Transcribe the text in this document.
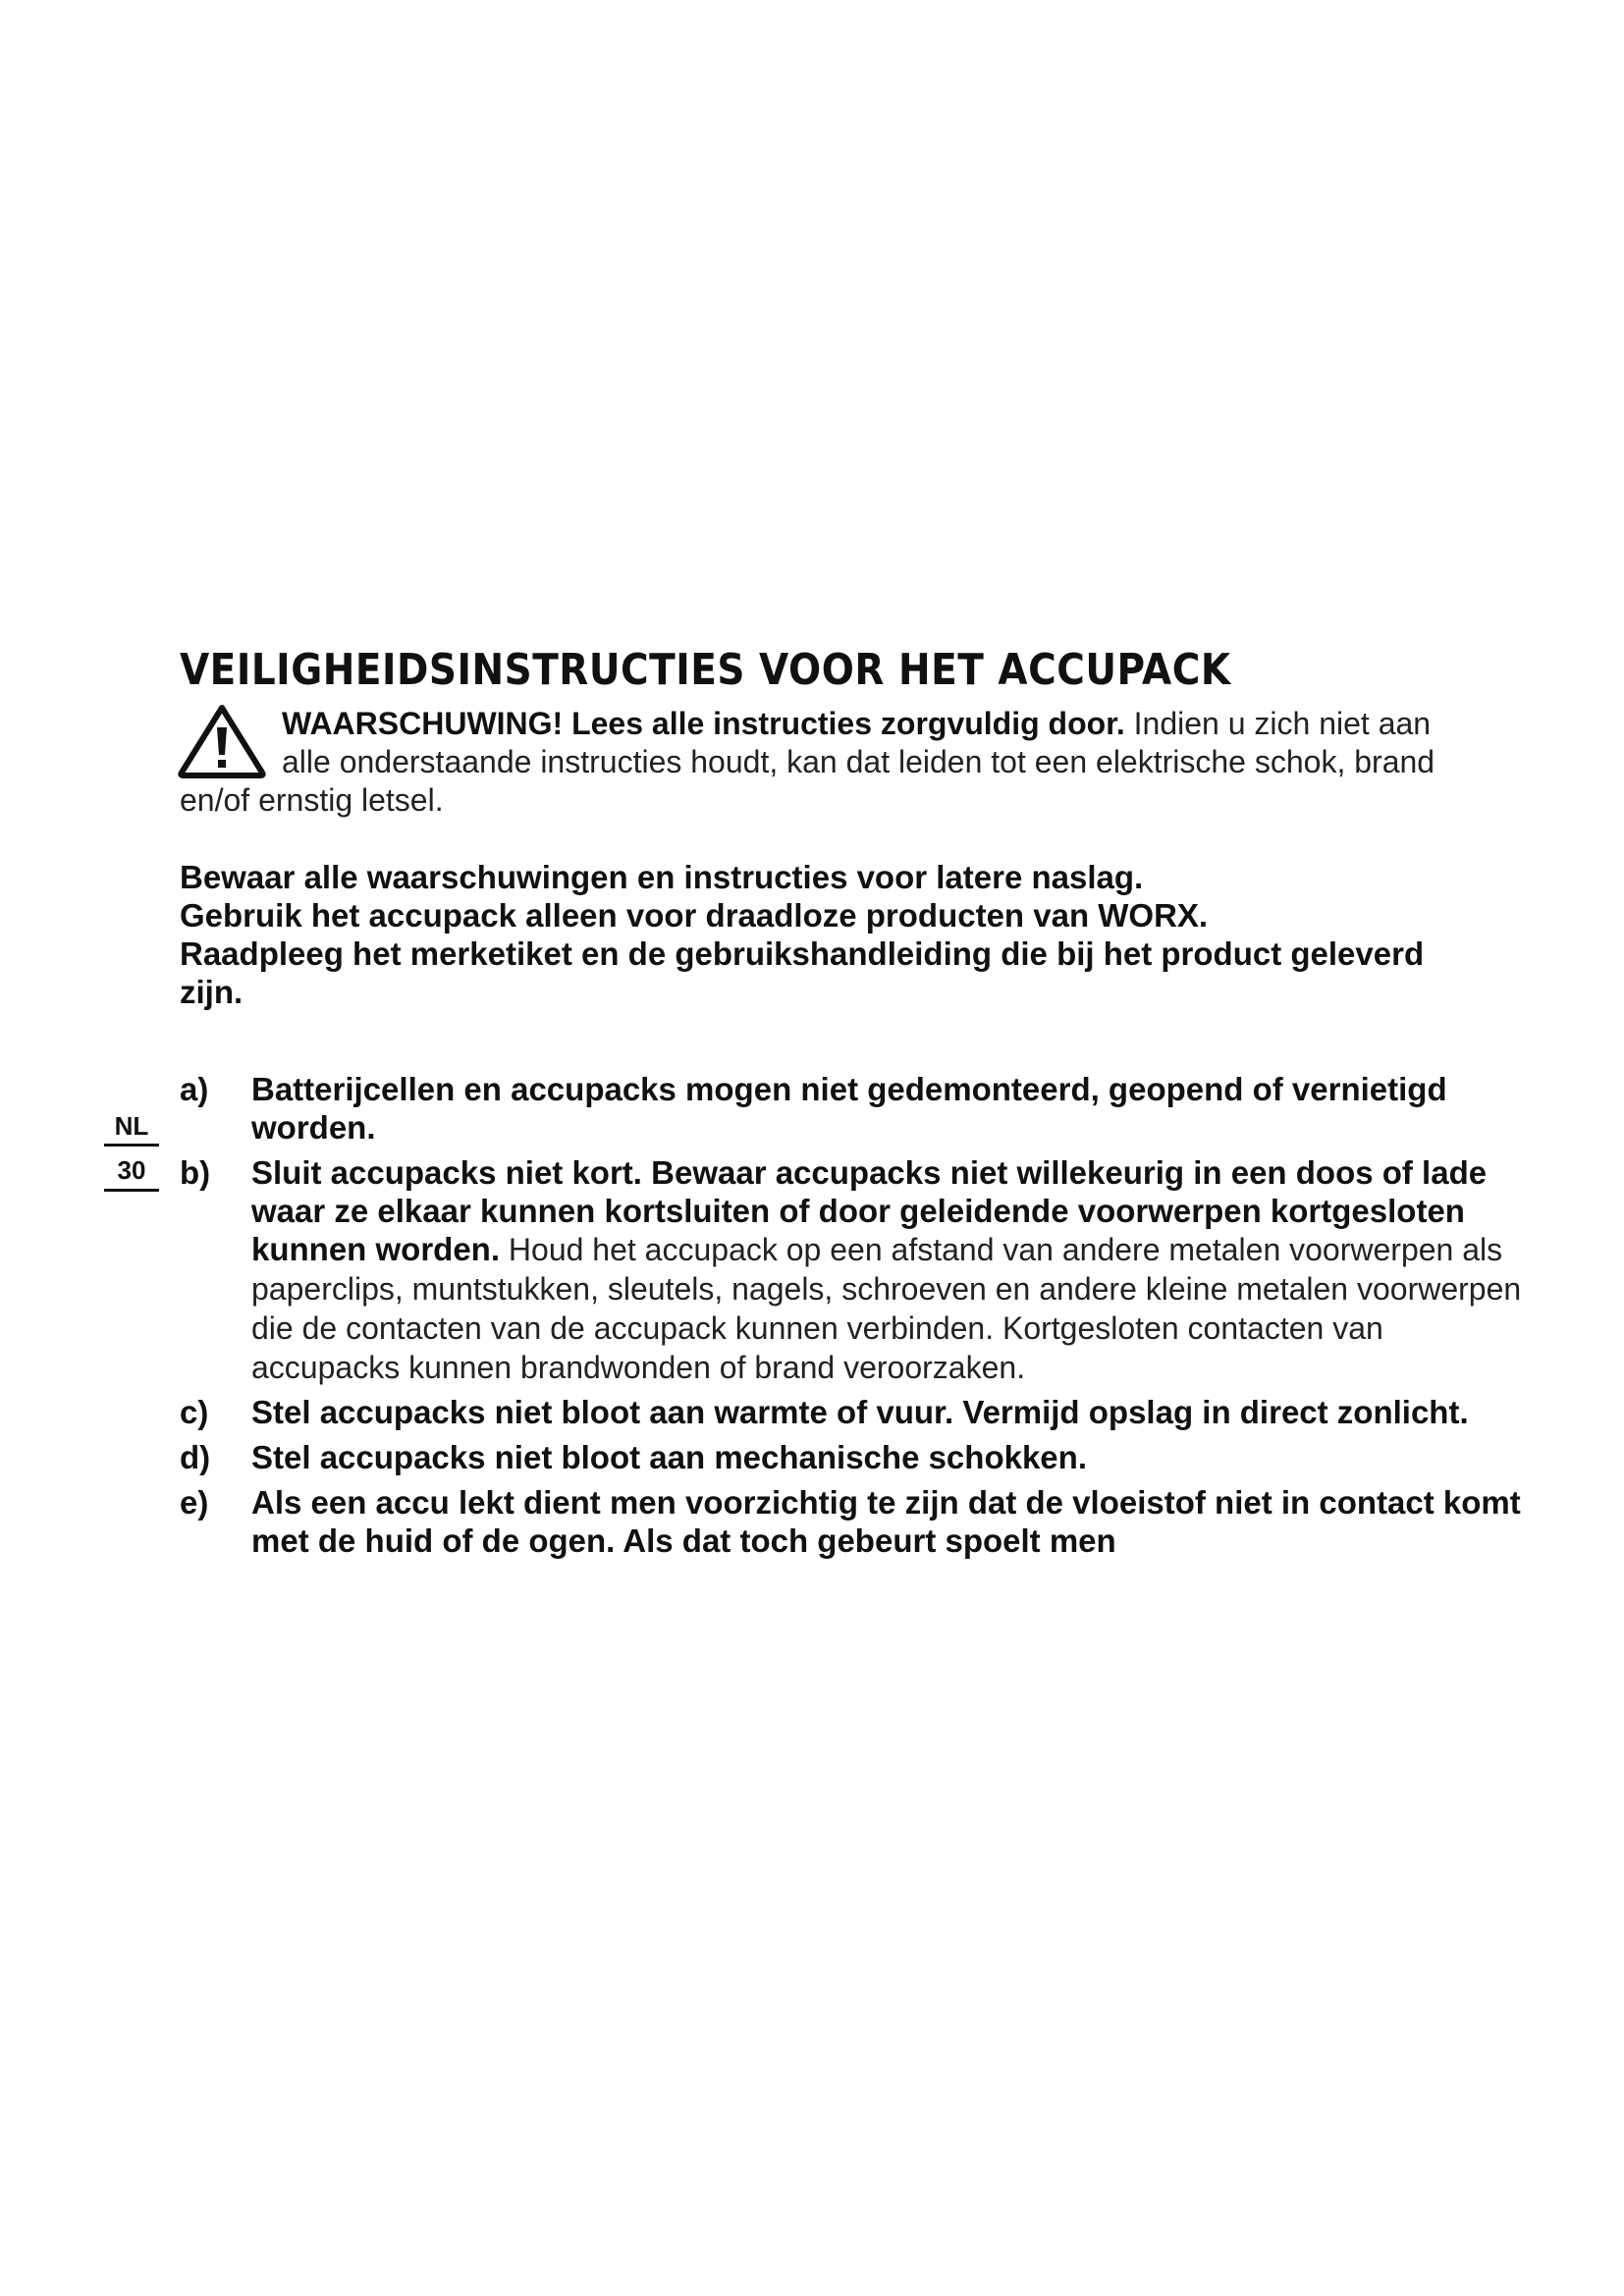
VEILIGHEIDSINSTRUCTIES VOOR HET ACCUPACK

WAARSCHUWING! Lees alle instructies zorgvuldig door. Indien u zich niet aan alle onderstaande instructies houdt, kan dat leiden tot een elektrische schok, brand en/of ernstig letsel.

Bewaar alle waarschuwingen en instructies voor latere naslag.

Gebruik het accupack alleen voor draadloze producten van WORX.

Raadpleeg het merketiket en de gebruikshandleiding die bij het product geleverd zijn.

NL
30
a) Batterijcellen en accupacks mogen niet gedemonteerd, geopend of vernietigd worden.
b) Sluit accupacks niet kort. Bewaar accupacks niet willekeurig in een doos of lade waar ze elkaar kunnen kortsluiten of door geleidende voorwerpen kortgesloten kunnen worden. Houd het accupack op een afstand van andere metalen voorwerpen als paperclips, muntstukken, sleutels, nagels, schroeven en andere kleine metalen voorwerpen die de contacten van de accupack kunnen verbinden. Kortgesloten contacten van accupacks kunnen brandwonden of brand veroorzaken.
c) Stel accupacks niet bloot aan warmte of vuur. Vermijd opslag in direct zonlicht.
d) Stel accupacks niet bloot aan mechanische schokken.
e) Als een accu lekt dient men voorzichtig te zijn dat de vloeistof niet in contact komt met de huid of de ogen. Als dat toch gebeurt spoelt men
